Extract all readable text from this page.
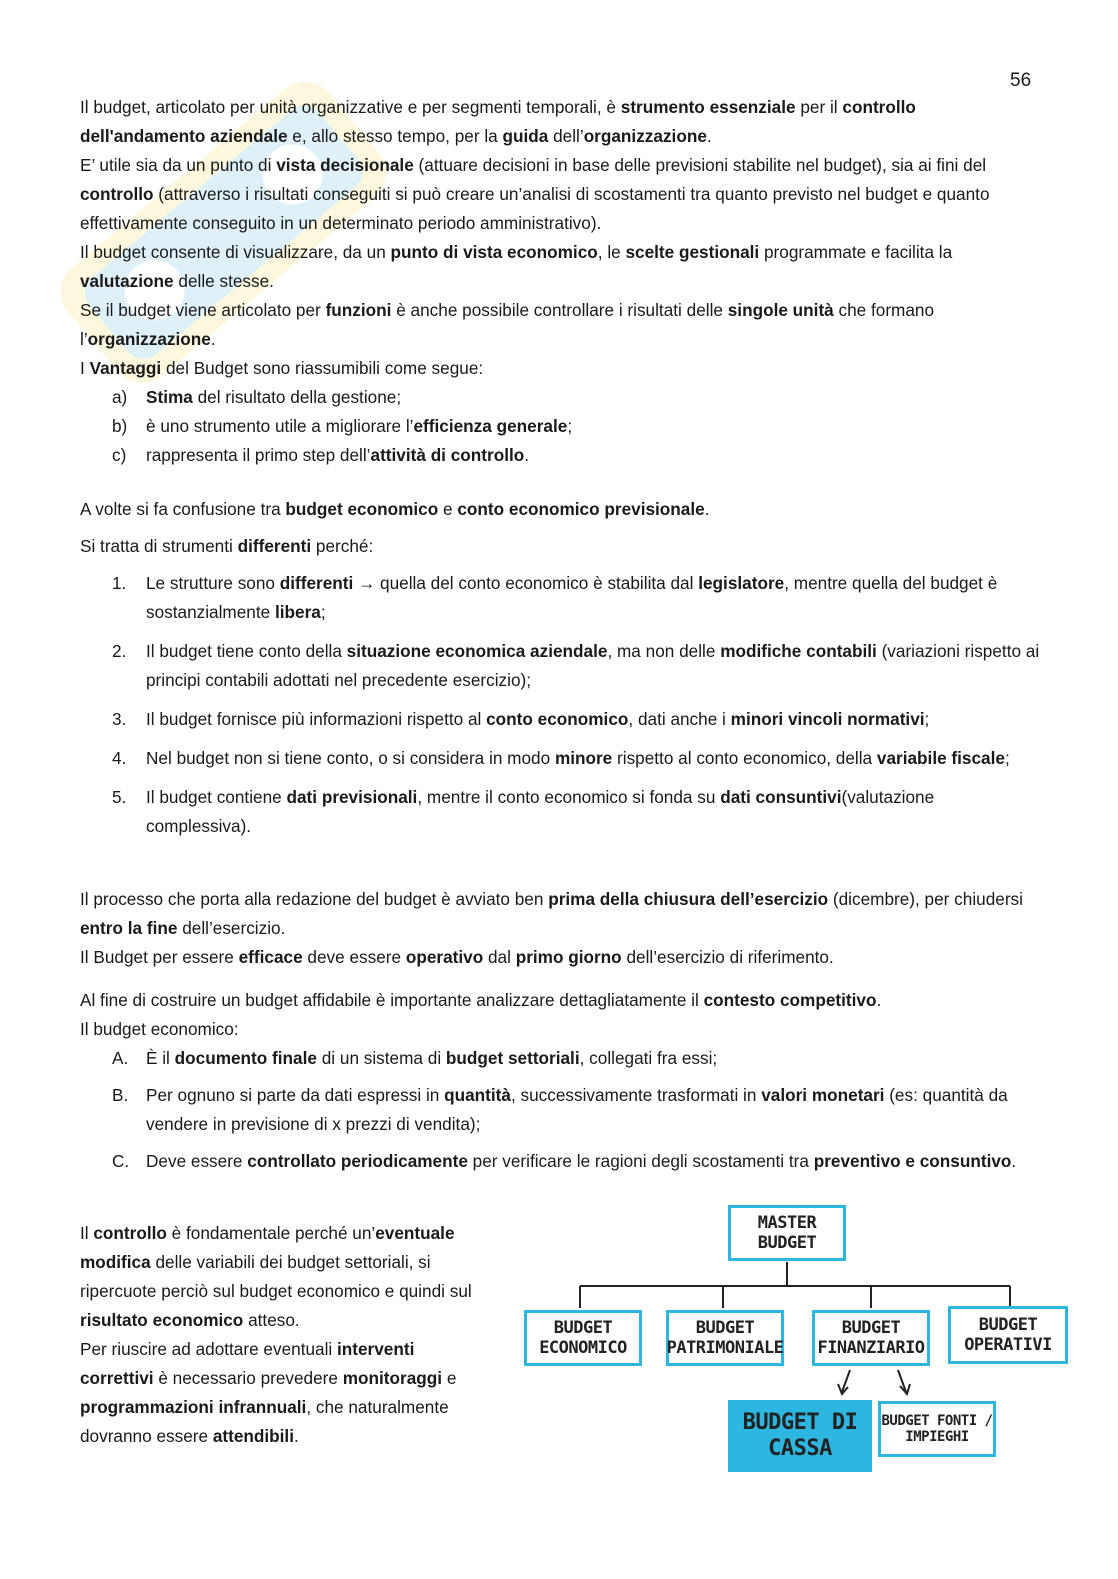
56

Il budget, articolato per unità organizzative e per segmenti temporali, è strumento essenziale per il controllo dell'andamento aziendale e, allo stesso tempo, per la guida dell’organizzazione.

E’ utile sia da un punto di vista decisionale (attuare decisioni in base delle previsioni stabilite nel budget), sia ai fini del controllo (attraverso i risultati conseguiti si può creare un’analisi di scostamenti tra quanto previsto nel budget e quanto effettivamente conseguito in un determinato periodo amministrativo).

Il budget consente di visualizzare, da un punto di vista economico, le scelte gestionali programmate e facilita la valutazione delle stesse.

Se il budget viene articolato per funzioni è anche possibile controllare i risultati delle singole unità che formano l’organizzazione.

I Vantaggi del Budget sono riassumibili come segue:

a) Stima del risultato della gestione;
b) è uno strumento utile a migliorare l’efficienza generale;
c) rappresenta il primo step dell’attività di controllo.

A volte si fa confusione tra budget economico e conto economico previsionale.

Si tratta di strumenti differenti perché:

1. Le strutture sono differenti → quella del conto economico è stabilita dal legislatore, mentre quella del budget è sostanzialmente libera;
2. Il budget tiene conto della situazione economica aziendale, ma non delle modifiche contabili (variazioni rispetto ai principi contabili adottati nel precedente esercizio);
3. Il budget fornisce più informazioni rispetto al conto economico, dati anche i minori vincoli normativi;
4. Nel budget non si tiene conto, o si considera in modo minore rispetto al conto economico, della variabile fiscale;
5. Il budget contiene dati previsionali, mentre il conto economico si fonda su dati consuntivi(valutazione complessiva).

Il processo che porta alla redazione del budget è avviato ben prima della chiusura dell’esercizio (dicembre), per chiudersi entro la fine dell’esercizio.

Il Budget per essere efficace deve essere operativo dal primo giorno dell’esercizio di riferimento.

Al fine di costruire un budget affidabile è importante analizzare dettagliatamente il contesto competitivo.

Il budget economico:

A. È il documento finale di un sistema di budget settoriali, collegati fra essi;
B. Per ognuno si parte da dati espressi in quantità, successivamente trasformati in valori monetari (es: quantità da vendere in previsione di x prezzi di vendita);
C. Deve essere controllato periodicamente per verificare le ragioni degli scostamenti tra preventivo e consuntivo.

Il controllo è fondamentale perché un’eventuale modifica delle variabili dei budget settoriali, si ripercuote perciò sul budget economico e quindi sul risultato economico atteso.

Per riuscire ad adottare eventuali interventi correttivi è necessario prevedere monitoraggi e programmazioni infrannuali, che naturalmente dovranno essere attendibili.

MASTER BUDGET
BUDGET ECONOMICO
BUDGET PATRIMONIALE
BUDGET FINANZIARIO
BUDGET OPERATIVI
BUDGET DI CASSA
BUDGET FONTI / IMPIEGHI
